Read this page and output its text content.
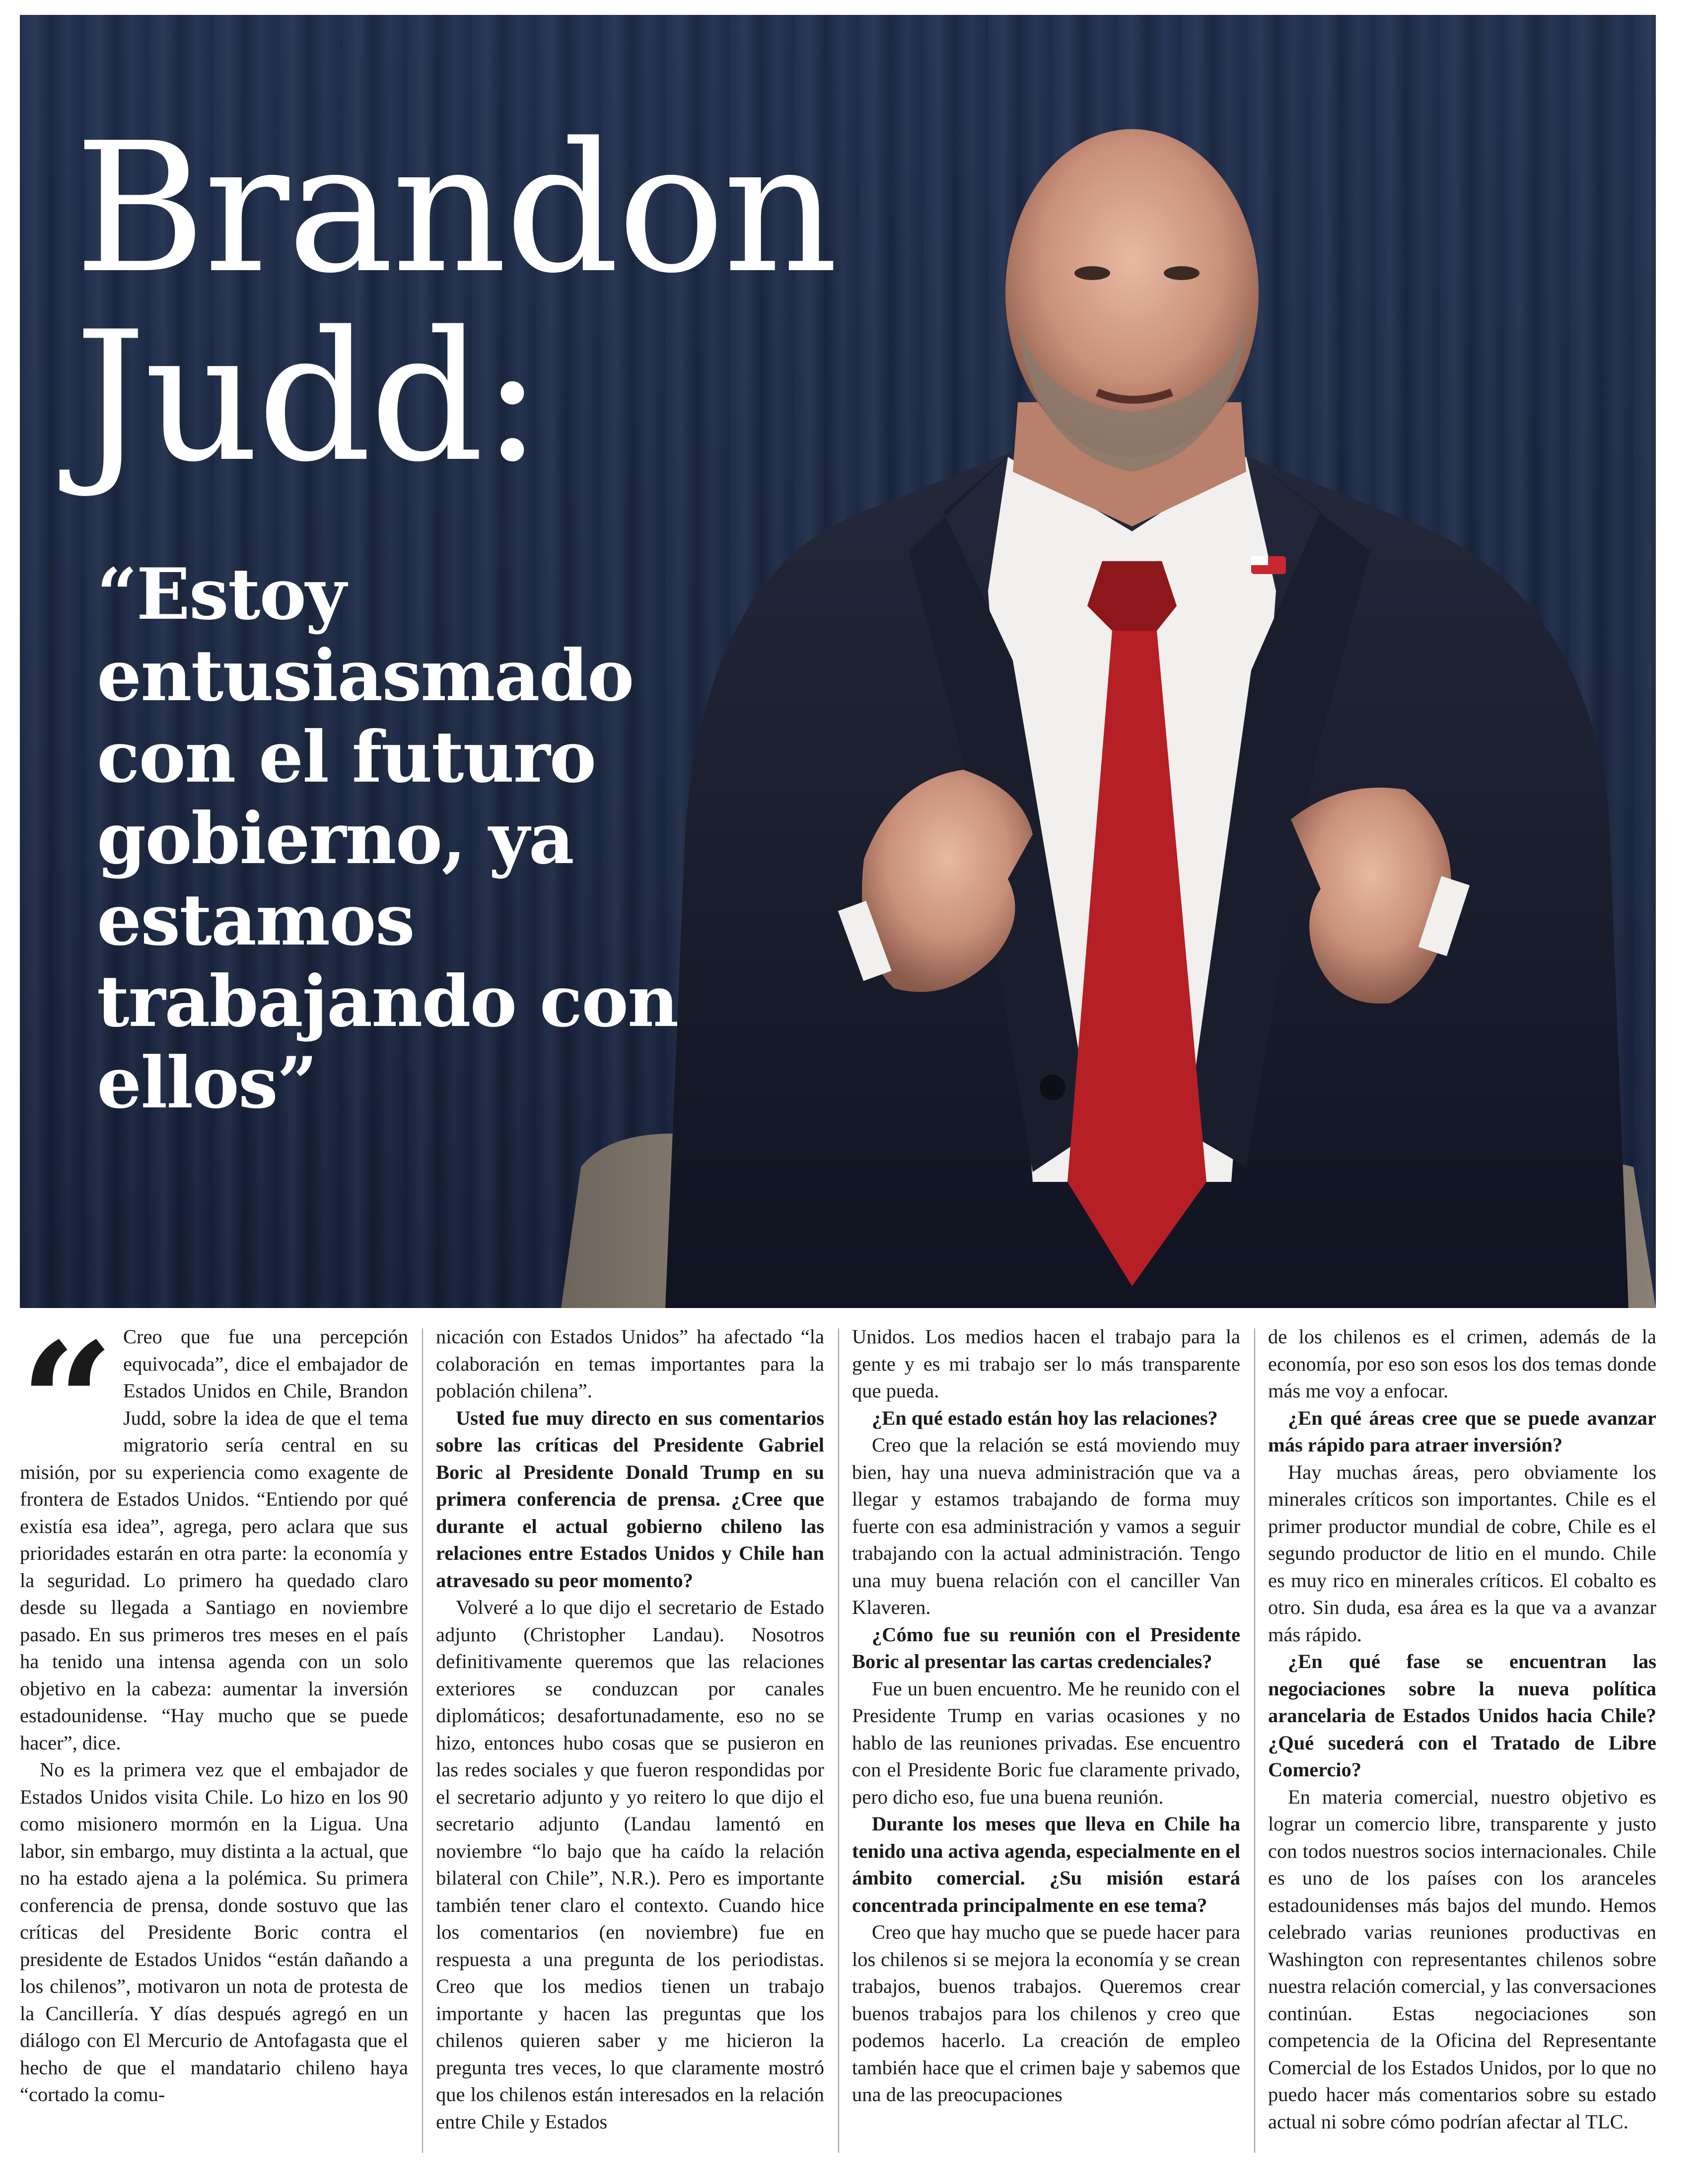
Brandon Judd:
“Estoy entusiasmado con el futuro gobierno, ya estamos trabajando con ellos”
“ Creo que fue una percepción equivocada”, dice el embajador de Estados Unidos en Chile, Brandon Judd, sobre la idea de que el tema migratorio sería central en su misión, por su experiencia como exagente de frontera de Estados Unidos. “Entiendo por qué existía esa idea”, agrega, pero aclara que sus prioridades estarán en otra parte: la economía y la seguridad. Lo primero ha quedado claro desde su llegada a Santiago en noviembre pasado. En sus primeros tres meses en el país ha tenido una intensa agenda con un solo objetivo en la cabeza: aumentar la inversión estadounidense. “Hay mucho que se puede hacer”, dice.

No es la primera vez que el embajador de Estados Unidos visita Chile. Lo hizo en los 90 como misionero mormón en la Ligua. Una labor, sin embargo, muy distinta a la actual, que no ha estado ajena a la polémica. Su primera conferencia de prensa, donde sostuvo que las críticas del Presidente Boric contra el presidente de Estados Unidos “están dañando a los chilenos”, motivaron un nota de protesta de la Cancillería. Y días después agregó en un diálogo con El Mercurio de Antofagasta que el hecho de que el mandatario chileno haya “cortado la comu-

nicación con Estados Unidos” ha afectado “la colaboración en temas importantes para la población chilena”.

Usted fue muy directo en sus comentarios sobre las críticas del Presidente Gabriel Boric al Presidente Donald Trump en su primera conferencia de prensa. ¿Cree que durante el actual gobierno chileno las relaciones entre Estados Unidos y Chile han atravesado su peor momento?

Volveré a lo que dijo el secretario de Estado adjunto (Christopher Landau). Nosotros definitivamente queremos que las relaciones exteriores se conduzcan por canales diplomáticos; desafortunadamente, eso no se hizo, entonces hubo cosas que se pusieron en las redes sociales y que fueron respondidas por el secretario adjunto y yo reitero lo que dijo el secretario adjunto (Landau lamentó en noviembre “lo bajo que ha caído la relación bilateral con Chile”, N.R.). Pero es importante también tener claro el contexto. Cuando hice los comentarios (en noviembre) fue en respuesta a una pregunta de los periodistas. Creo que los medios tienen un trabajo importante y hacen las preguntas que los chilenos quieren saber y me hicieron la pregunta tres veces, lo que claramente mostró que los chilenos están interesados en la relación entre Chile y Estados

Unidos. Los medios hacen el trabajo para la gente y es mi trabajo ser lo más transparente que pueda.

¿En qué estado están hoy las relaciones?

Creo que la relación se está moviendo muy bien, hay una nueva administración que va a llegar y estamos trabajando de forma muy fuerte con esa administración y vamos a seguir trabajando con la actual administración. Tengo una muy buena relación con el canciller Van Klaveren.

¿Cómo fue su reunión con el Presidente Boric al presentar las cartas credenciales?

Fue un buen encuentro. Me he reunido con el Presidente Trump en varias ocasiones y no hablo de las reuniones privadas. Ese encuentro con el Presidente Boric fue claramente privado, pero dicho eso, fue una buena reunión.

Durante los meses que lleva en Chile ha tenido una activa agenda, especialmente en el ámbito comercial. ¿Su misión estará concentrada principalmente en ese tema?

Creo que hay mucho que se puede hacer para los chilenos si se mejora la economía y se crean trabajos, buenos trabajos. Queremos crear buenos trabajos para los chilenos y creo que podemos hacerlo. La creación de empleo también hace que el crimen baje y sabemos que una de las preocupaciones

de los chilenos es el crimen, además de la economía, por eso son esos los dos temas donde más me voy a enfocar.

¿En qué áreas cree que se puede avanzar más rápido para atraer inversión?

Hay muchas áreas, pero obviamente los minerales críticos son importantes. Chile es el primer productor mundial de cobre, Chile es el segundo productor de litio en el mundo. Chile es muy rico en minerales críticos. El cobalto es otro. Sin duda, esa área es la que va a avanzar más rápido.

¿En qué fase se encuentran las negociaciones sobre la nueva política arancelaria de Estados Unidos hacia Chile? ¿Qué sucederá con el Tratado de Libre Comercio?

En materia comercial, nuestro objetivo es lograr un comercio libre, transparente y justo con todos nuestros socios internacionales. Chile es uno de los países con los aranceles estadounidenses más bajos del mundo. Hemos celebrado varias reuniones productivas en Washington con representantes chilenos sobre nuestra relación comercial, y las conversaciones continúan. Estas negociaciones son competencia de la Oficina del Representante Comercial de los Estados Unidos, por lo que no puedo hacer más comentarios sobre su estado actual ni sobre cómo podrían afectar al TLC.
